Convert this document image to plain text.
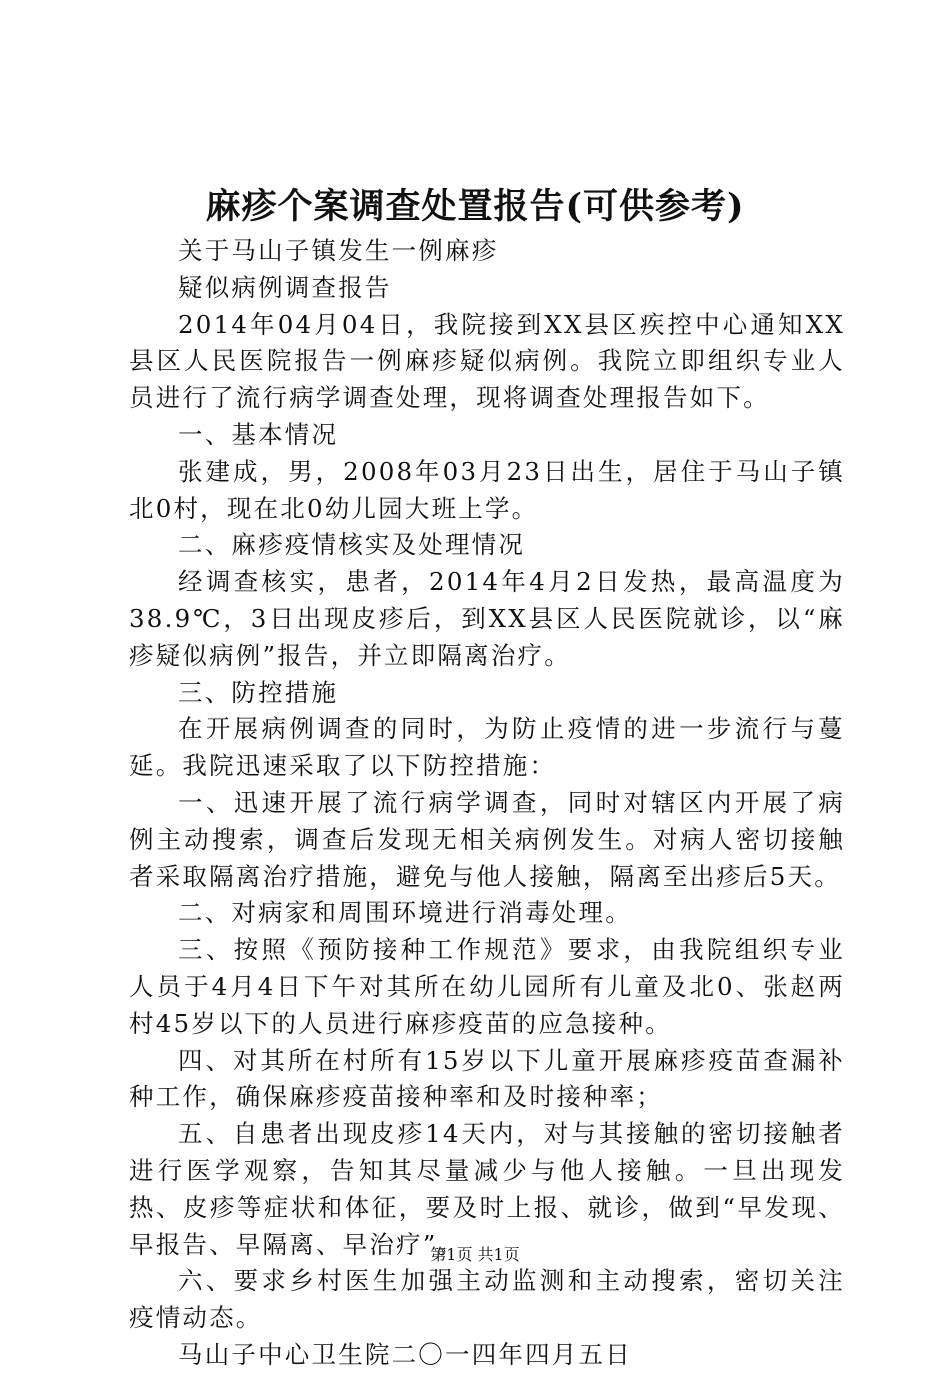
麻疹个案调查处置报告(可供参考)

关于马山子镇发生一例麻疹

疑似病例调查报告

2014年04月04日，我院接到XX县区疾控中心通知XX县区人民医院报告一例麻疹疑似病例。我院立即组织专业人员进行了流行病学调查处理，现将调查处理报告如下。

一、基本情况

张建成，男，2008年03月23日出生，居住于马山子镇北0村，现在北0幼儿园大班上学。

二、麻疹疫情核实及处理情况

经调查核实，患者，2014年4月2日发热，最高温度为38.9℃，3日出现皮疹后，到XX县区人民医院就诊，以“麻疹疑似病例”报告，并立即隔离治疗。

三、防控措施

在开展病例调查的同时，为防止疫情的进一步流行与蔓延。我院迅速采取了以下防控措施：

一、迅速开展了流行病学调查，同时对辖区内开展了病例主动搜索，调查后发现无相关病例发生。对病人密切接触者采取隔离治疗措施，避免与他人接触，隔离至出疹后5天。

二、对病家和周围环境进行消毒处理。

三、按照《预防接种工作规范》要求，由我院组织专业人员于4月4日下午对其所在幼儿园所有儿童及北0、张赵两村45岁以下的人员进行麻疹疫苗的应急接种。

四、对其所在村所有15岁以下儿童开展麻疹疫苗查漏补种工作，确保麻疹疫苗接种率和及时接种率；

五、自患者出现皮疹14天内，对与其接触的密切接触者进行医学观察，告知其尽量减少与他人接触。一旦出现发热、皮疹等症状和体征，要及时上报、就诊，做到“早发现、早报告、早隔离、早治疗”。

六、要求乡村医生加强主动监测和主动搜索，密切关注疫情动态。

马山子中心卫生院二〇一四年四月五日

第1页 共1页
